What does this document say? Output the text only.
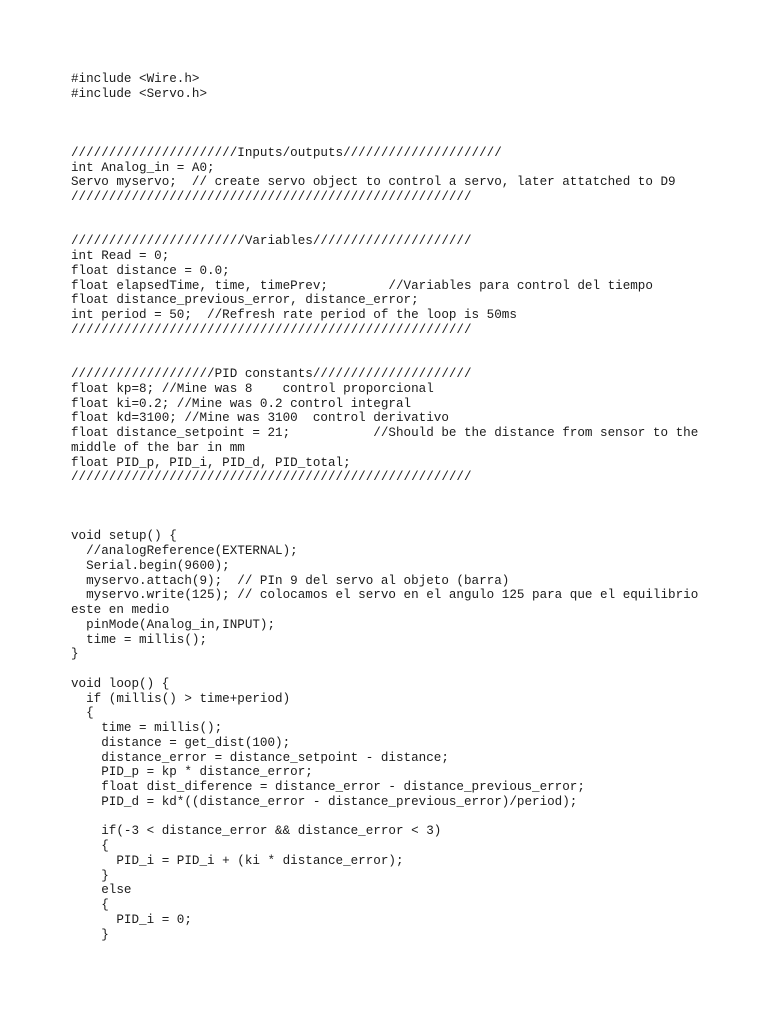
#include <Wire.h>
#include <Servo.h>
//////////////////////Inputs/outputs/////////////////////
int Analog_in = A0;
Servo myservo;  // create servo object to control a servo, later attatched to D9
/////////////////////////////////////////////////////
///////////////////////Variables/////////////////////
int Read = 0;
float distance = 0.0;
float elapsedTime, time, timePrev;        //Variables para control del tiempo
float distance_previous_error, distance_error;
int period = 50;  //Refresh rate period of the loop is 50ms
/////////////////////////////////////////////////////
///////////////////PID constants/////////////////////
float kp=8; //Mine was 8    control proporcional
float ki=0.2; //Mine was 0.2 control integral
float kd=3100; //Mine was 3100  control derivativo
float distance_setpoint = 21;           //Should be the distance from sensor to the
middle of the bar in mm
float PID_p, PID_i, PID_d, PID_total;
/////////////////////////////////////////////////////
void setup() {
//analogReference(EXTERNAL);
Serial.begin(9600);
myservo.attach(9);  // PIn 9 del servo al objeto (barra)
myservo.write(125); // colocamos el servo en el angulo 125 para que el equilibrio
este en medio
pinMode(Analog_in,INPUT);
time = millis();
}
void loop() {
if (millis() > time+period)
{
time = millis();
distance = get_dist(100);
distance_error = distance_setpoint - distance;
PID_p = kp * distance_error;
float dist_diference = distance_error - distance_previous_error;
PID_d = kd*((distance_error - distance_previous_error)/period);
if(-3 < distance_error && distance_error < 3)
{
PID_i = PID_i + (ki * distance_error);
}
else
{
PID_i = 0;
}
